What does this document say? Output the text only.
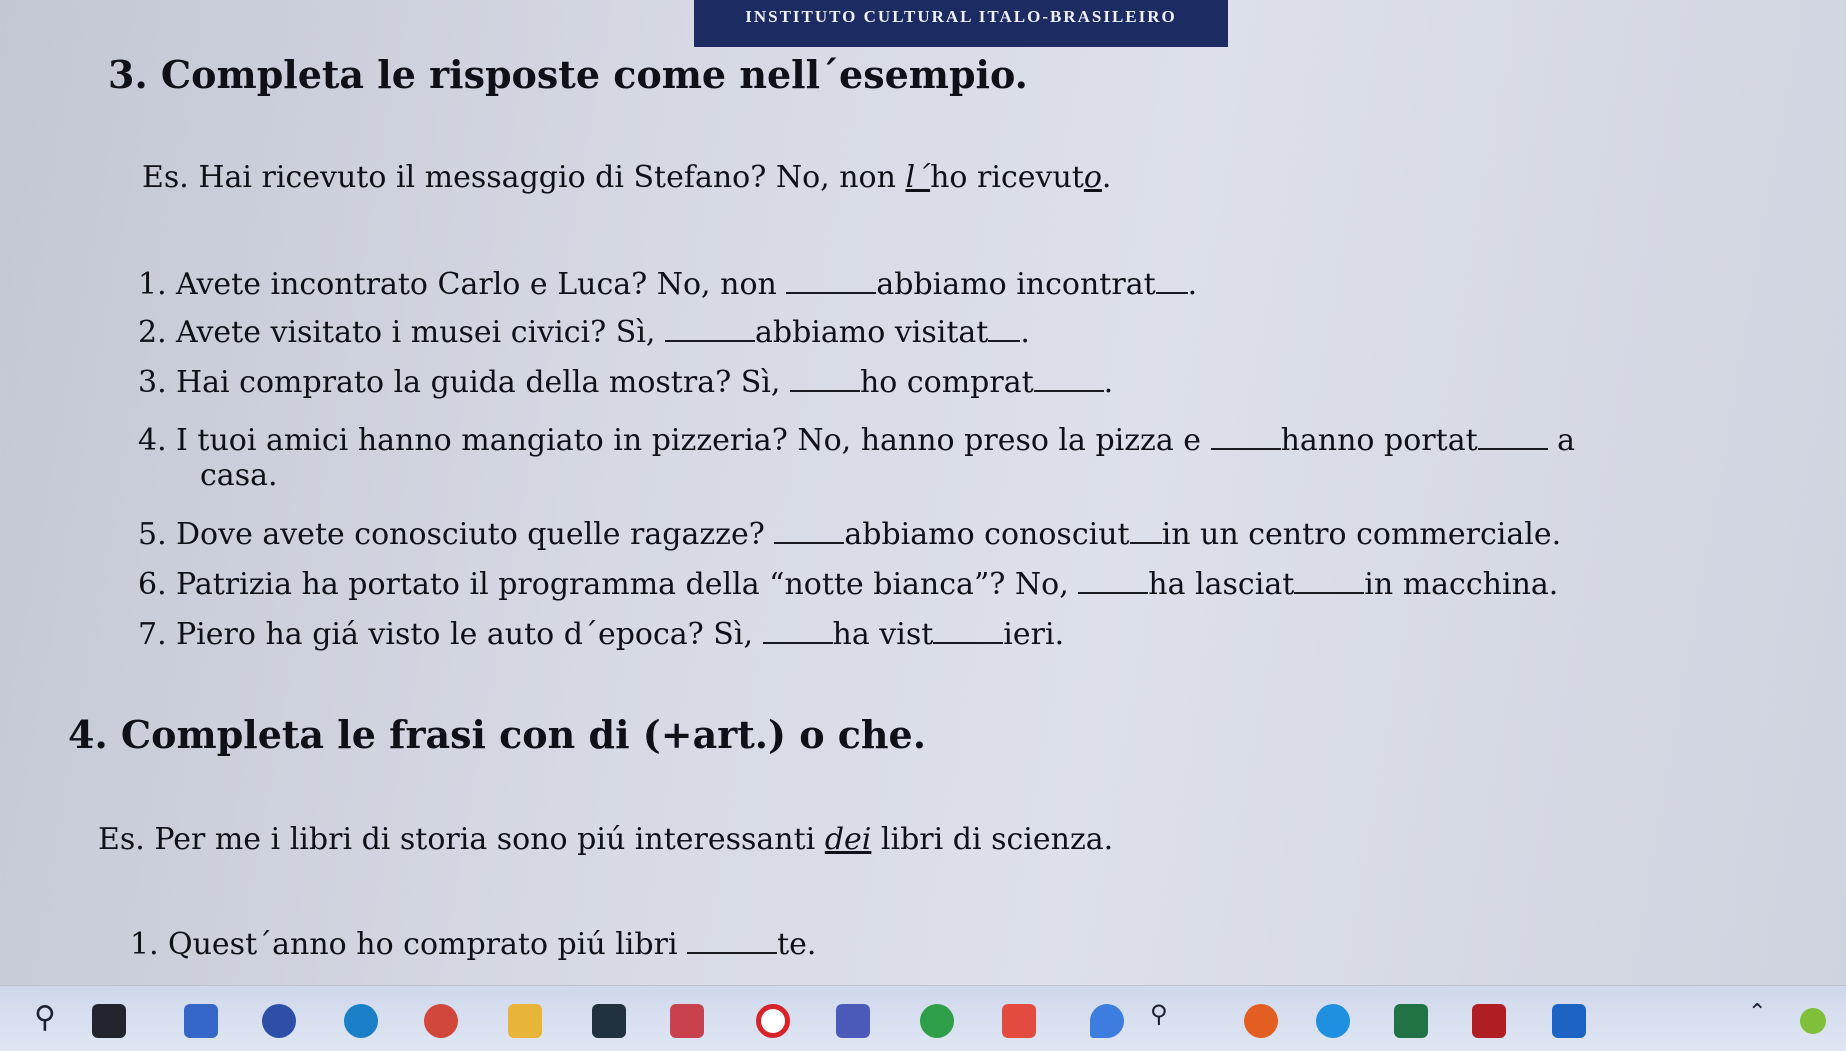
INSTITUTO CULTURAL ITALO-BRASILEIRO
3. Completa le risposte come nell´esempio.
Es. Hai ricevuto il messaggio di Stefano? No, non l´ho ricevuto.
1. Avete incontrato Carlo e Luca? No, non	abbiamo incontrat .
2. Avete visitato i musei civici? Sì,	abbiamo visitat .
3. Hai comprato la guida della mostra? Sì, ho comprat .
4. I tuoi amici hanno mangiato in pizzeria? No, hanno preso la pizza e hanno portat a
casa.
5. Dove avete conosciuto quelle ragazze? abbiamo conosciut in un centro commerciale.
6. Patrizia ha portato il programma della “notte bianca”? No, ha lasciat in macchina.
7. Piero ha giá visto le auto d´epoca? Sì, ha vist ieri.
4. Completa le frasi con di (+art.) o che.
Es. Per me i libri di storia sono piú interessanti dei libri di scienza.
1. Quest´anno ho comprato piú libri	te.
⚲	⚲	⌃
